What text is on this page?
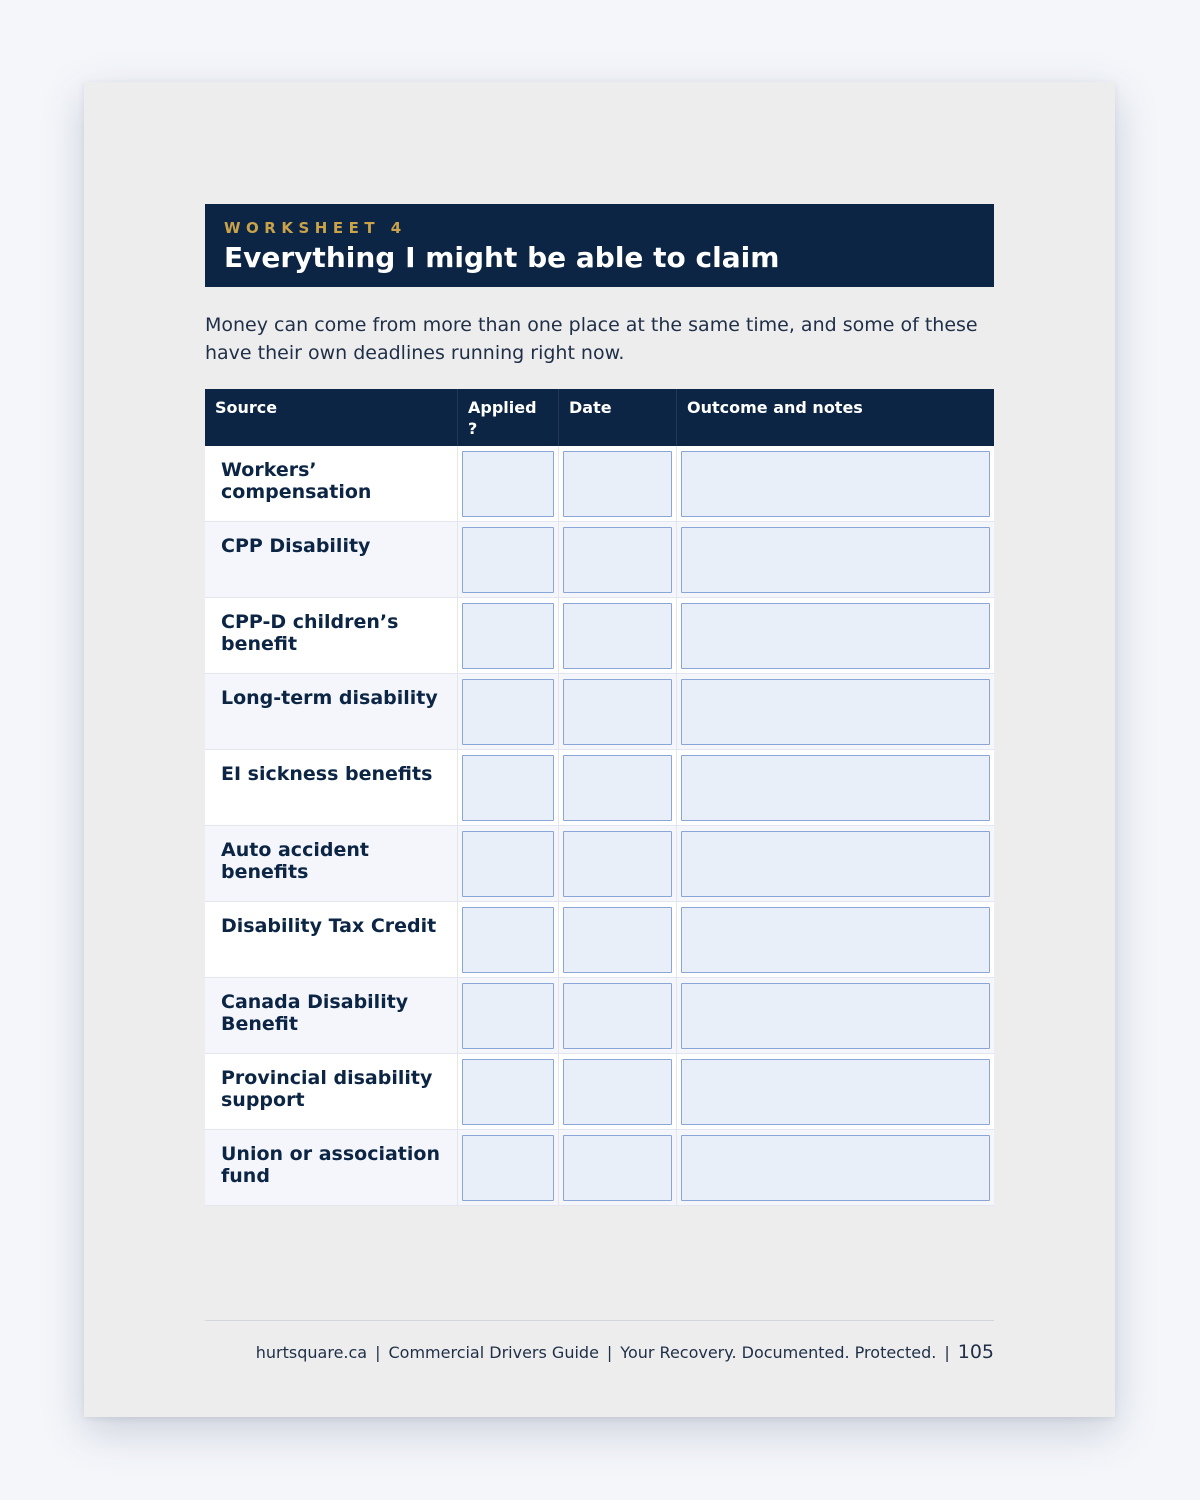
WORKSHEET 4
Everything I might be able to claim

Money can come from more than one place at the same time, and some of these have their own deadlines running right now.

Source	Applied ?
Date	Outcome and notes
Workers’ compensation
CPP Disability
CPP-D children’s benefit
Long-term disability
EI sickness benefits
Auto accident benefits
Disability Tax Credit
Canada Disability Benefit
Provincial disability support
Union or association fund
hurtsquare.ca | Commercial Drivers Guide | Your Recovery. Documented. Protected. | 105
